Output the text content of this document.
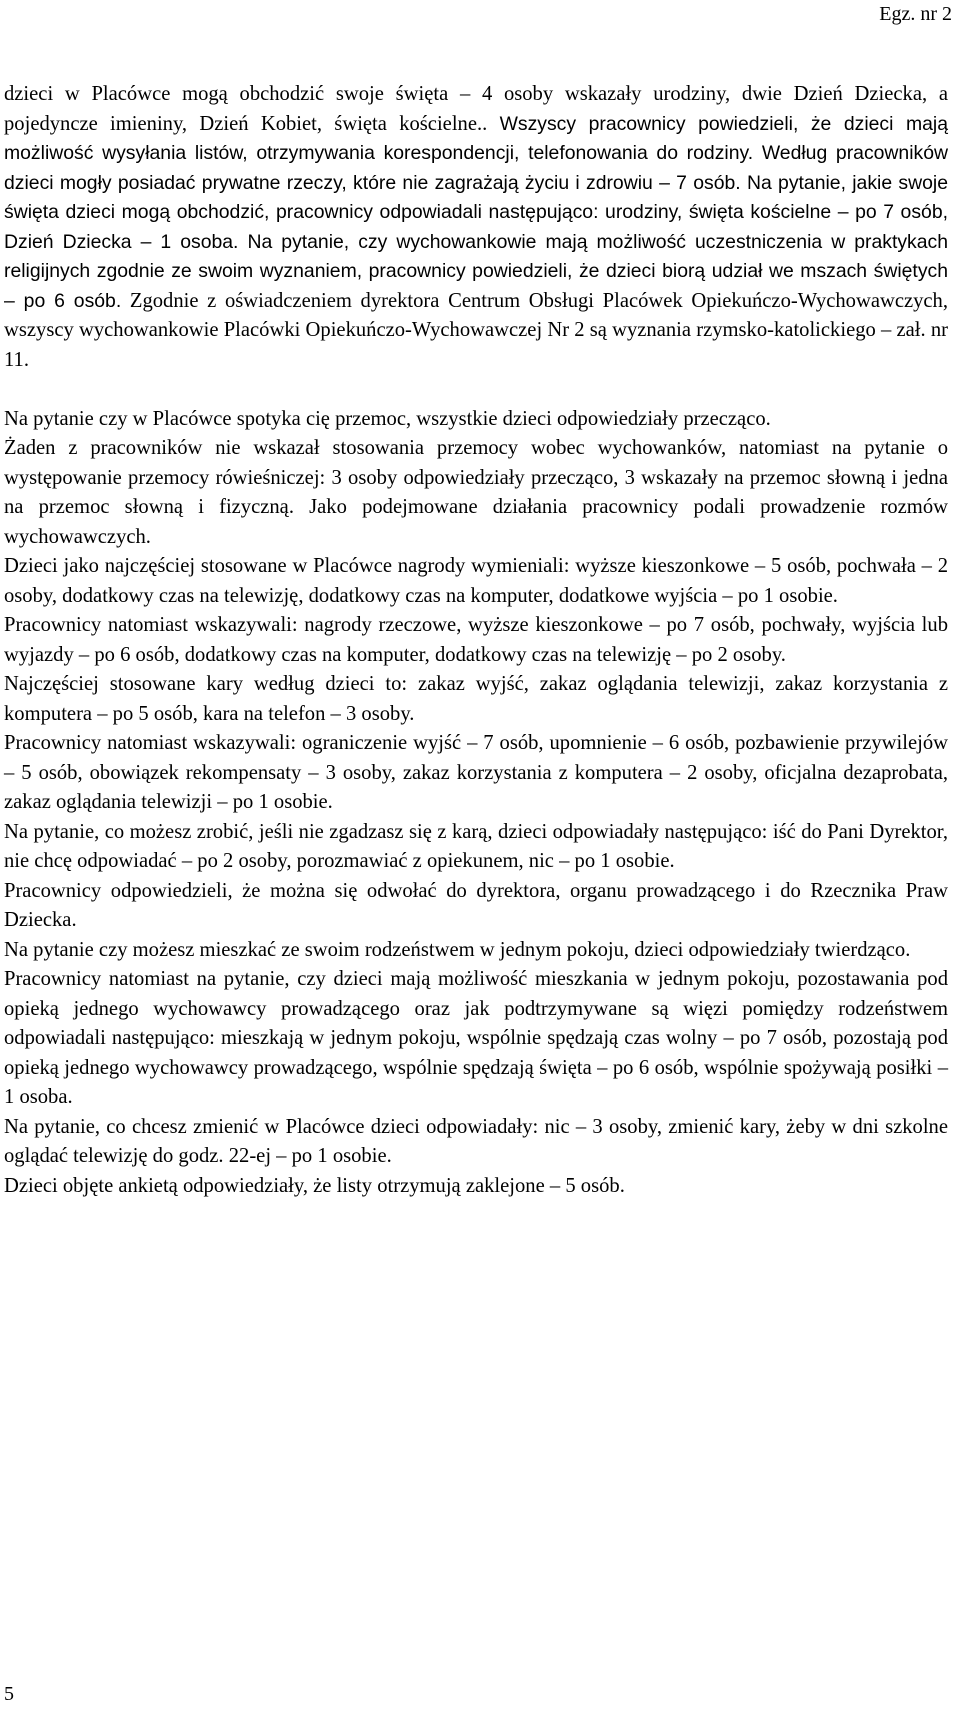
Egz. nr 2

dzieci w Placówce mogą obchodzić swoje święta – 4 osoby wskazały urodziny, dwie Dzień Dziecka, a pojedyncze imieniny, Dzień Kobiet, święta kościelne.. Wszyscy pracownicy powiedzieli, że dzieci mają możliwość wysyłania listów, otrzymywania korespondencji, telefonowania do rodziny. Według pracowników dzieci mogły posiadać prywatne rzeczy, które nie zagrażają życiu i zdrowiu – 7 osób. Na pytanie, jakie swoje święta dzieci mogą obchodzić, pracownicy odpowiadali następująco: urodziny, święta kościelne – po 7 osób, Dzień Dziecka – 1 osoba. Na pytanie, czy wychowankowie mają możliwość uczestniczenia w praktykach religijnych zgodnie ze swoim wyznaniem, pracownicy powiedzieli, że dzieci biorą udział we mszach świętych – po 6 osób. Zgodnie z oświadczeniem dyrektora Centrum Obsługi Placówek Opiekuńczo-Wychowawczych, wszyscy wychowankowie Placówki Opiekuńczo-Wychowawczej Nr 2 są wyznania rzymsko-katolickiego – zał. nr 11.

Na pytanie czy w Placówce spotyka cię przemoc, wszystkie dzieci odpowiedziały przecząco.

Żaden z pracowników nie wskazał stosowania przemocy wobec wychowanków, natomiast na pytanie o występowanie przemocy rówieśniczej: 3 osoby odpowiedziały przecząco, 3 wskazały na przemoc słowną i jedna na przemoc słowną i fizyczną. Jako podejmowane działania pracownicy podali prowadzenie rozmów wychowawczych.

Dzieci jako najczęściej stosowane w Placówce nagrody wymieniali: wyższe kieszonkowe – 5 osób, pochwała – 2 osoby, dodatkowy czas na telewizję, dodatkowy czas na komputer, dodatkowe wyjścia – po 1 osobie.

Pracownicy natomiast wskazywali: nagrody rzeczowe, wyższe kieszonkowe – po 7 osób, pochwały, wyjścia lub wyjazdy – po 6 osób, dodatkowy czas na komputer, dodatkowy czas na telewizję – po 2 osoby.

Najczęściej stosowane kary według dzieci to: zakaz wyjść, zakaz oglądania telewizji, zakaz korzystania z komputera – po 5 osób, kara na telefon – 3 osoby.

Pracownicy natomiast wskazywali: ograniczenie wyjść – 7 osób, upomnienie – 6 osób, pozbawienie przywilejów – 5 osób, obowiązek rekompensaty – 3 osoby, zakaz korzystania z komputera – 2 osoby, oficjalna dezaprobata, zakaz oglądania telewizji – po 1 osobie.

Na pytanie, co możesz zrobić, jeśli nie zgadzasz się z karą, dzieci odpowiadały następująco: iść do Pani Dyrektor, nie chcę odpowiadać – po 2 osoby, porozmawiać z opiekunem, nic – po 1 osobie.

Pracownicy odpowiedzieli, że można się odwołać do dyrektora, organu prowadzącego i do Rzecznika Praw Dziecka.

Na pytanie czy możesz mieszkać ze swoim rodzeństwem w jednym pokoju, dzieci odpowiedziały twierdząco.

Pracownicy natomiast na pytanie, czy dzieci mają możliwość mieszkania w jednym pokoju, pozostawania pod opieką jednego wychowawcy prowadzącego oraz jak podtrzymywane są więzi pomiędzy rodzeństwem odpowiadali następująco: mieszkają w jednym pokoju, wspólnie spędzają czas wolny – po 7 osób, pozostają pod opieką jednego wychowawcy prowadzącego, wspólnie spędzają święta – po 6 osób, wspólnie spożywają posiłki – 1 osoba.

Na pytanie, co chcesz zmienić w Placówce dzieci odpowiadały: nic – 3 osoby, zmienić kary, żeby w dni szkolne oglądać telewizję do godz. 22-ej – po 1 osobie.

Dzieci objęte ankietą odpowiedziały, że listy otrzymują zaklejone – 5 osób.

5
